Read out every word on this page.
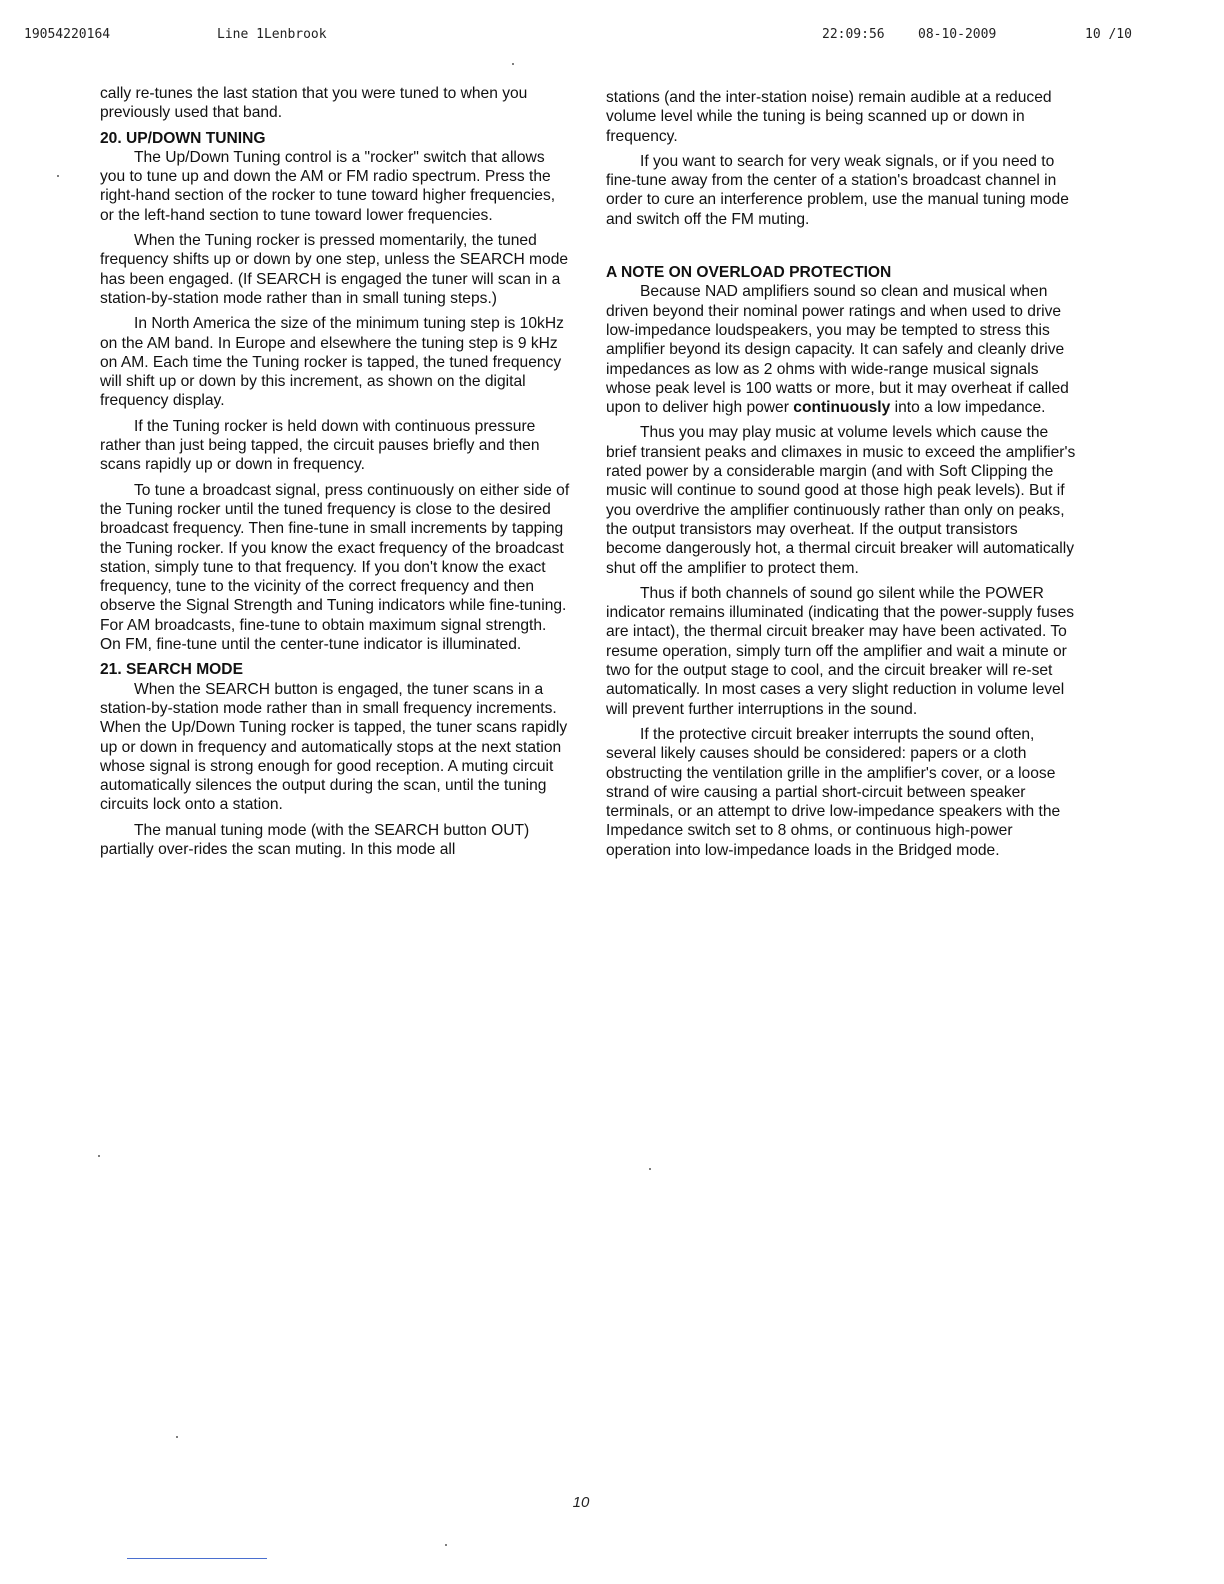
19054220164	Line 1Lenbrook	22:09:56	08-10-2009	10 /10

cally re-tunes the last station that you were tuned to when you previously used that band.

20. UP/DOWN TUNING

The Up/Down Tuning control is a "rocker" switch that allows you to tune up and down the AM or FM radio spectrum. Press the right-hand section of the rocker to tune toward higher frequencies, or the left-hand section to tune toward lower frequencies.

When the Tuning rocker is pressed momentarily, the tuned frequency shifts up or down by one step, unless the SEARCH mode has been engaged. (If SEARCH is engaged the tuner will scan in a station-by-station mode rather than in small tuning steps.)

In North America the size of the minimum tuning step is 10kHz on the AM band. In Europe and elsewhere the tuning step is 9 kHz on AM. Each time the Tuning rocker is tapped, the tuned frequency will shift up or down by this increment, as shown on the digital frequency display.

If the Tuning rocker is held down with continuous pressure rather than just being tapped, the circuit pauses briefly and then scans rapidly up or down in frequency.

To tune a broadcast signal, press continuously on either side of the Tuning rocker until the tuned frequency is close to the desired broadcast frequency. Then fine-tune in small increments by tapping the Tuning rocker. If you know the exact frequency of the broadcast station, simply tune to that frequency. If you don't know the exact frequency, tune to the vicinity of the correct frequency and then observe the Signal Strength and Tuning indicators while fine-tuning. For AM broadcasts, fine-tune to obtain maximum signal strength. On FM, fine-tune until the center-tune indicator is illuminated.

21. SEARCH MODE

When the SEARCH button is engaged, the tuner scans in a station-by-station mode rather than in small frequency increments. When the Up/Down Tuning rocker is tapped, the tuner scans rapidly up or down in frequency and automatically stops at the next station whose signal is strong enough for good reception. A muting circuit automatically silences the output during the scan, until the tuning circuits lock onto a station.

The manual tuning mode (with the SEARCH button OUT) partially over-rides the scan muting. In this mode all

stations (and the inter-station noise) remain audible at a reduced volume level while the tuning is being scanned up or down in frequency.

If you want to search for very weak signals, or if you need to fine-tune away from the center of a station's broadcast channel in order to cure an interference problem, use the manual tuning mode and switch off the FM muting.

A NOTE ON OVERLOAD PROTECTION

Because NAD amplifiers sound so clean and musical when driven beyond their nominal power ratings and when used to drive low-impedance loudspeakers, you may be tempted to stress this amplifier beyond its design capacity. It can safely and cleanly drive impedances as low as 2 ohms with wide-range musical signals whose peak level is 100 watts or more, but it may overheat if called upon to deliver high power continuously into a low impedance.

Thus you may play music at volume levels which cause the brief transient peaks and climaxes in music to exceed the amplifier's rated power by a considerable margin (and with Soft Clipping the music will continue to sound good at those high peak levels). But if you overdrive the amplifier continuously rather than only on peaks, the output transistors may overheat. If the output transistors become dangerously hot, a thermal circuit breaker will automatically shut off the amplifier to protect them.

Thus if both channels of sound go silent while the POWER indicator remains illuminated (indicating that the power-supply fuses are intact), the thermal circuit breaker may have been activated. To resume operation, simply turn off the amplifier and wait a minute or two for the output stage to cool, and the circuit breaker will re-set automatically. In most cases a very slight reduction in volume level will prevent further interruptions in the sound.

If the protective circuit breaker interrupts the sound often, several likely causes should be considered: papers or a cloth obstructing the ventilation grille in the amplifier's cover, or a loose strand of wire causing a partial short-circuit between speaker terminals, or an attempt to drive low-impedance speakers with the Impedance switch set to 8 ohms, or continuous high-power operation into low-impedance loads in the Bridged mode.

10
